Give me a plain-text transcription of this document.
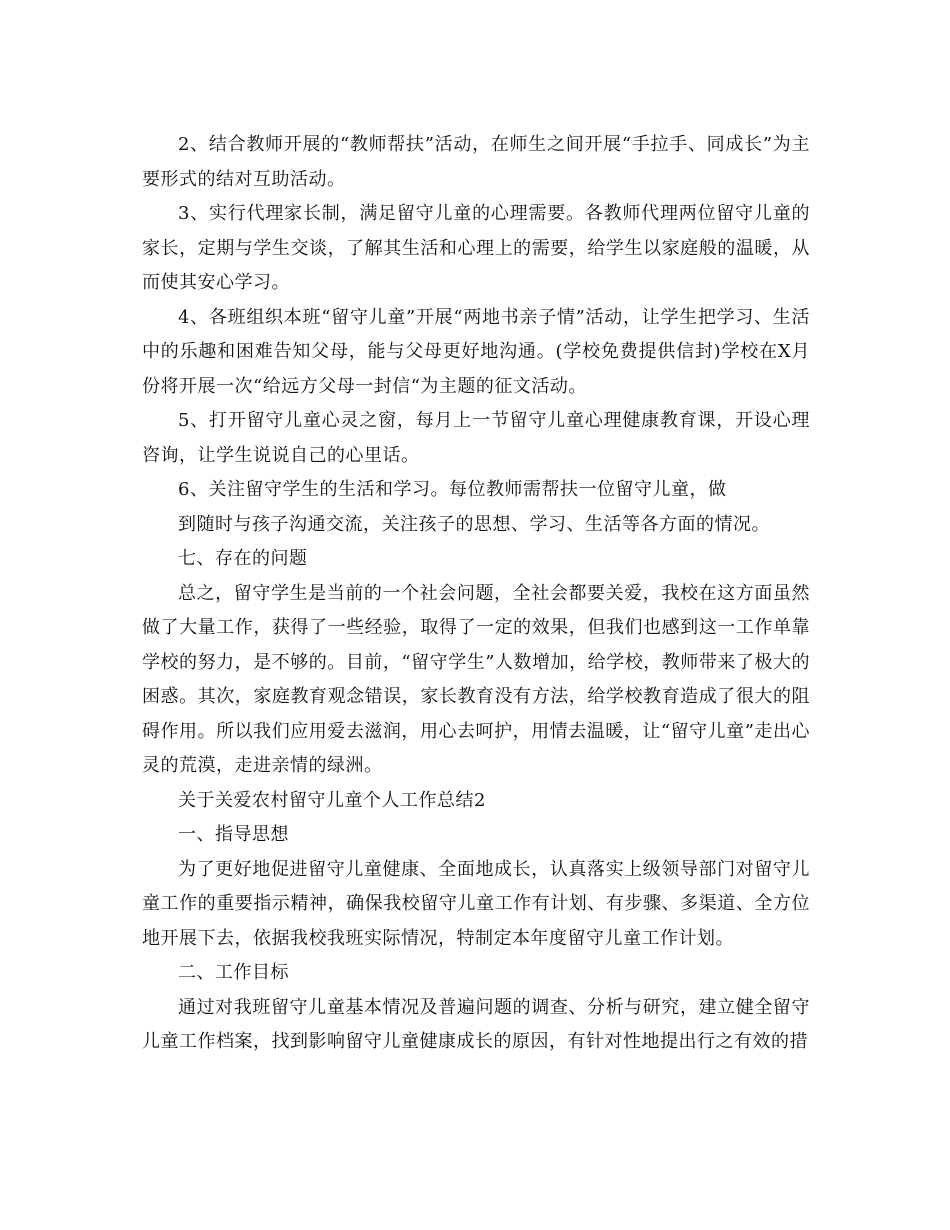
2、结合教师开展的“教师帮扶”活动，在师生之间开展“手拉手、同成长”为主要形式的结对互助活动。

3、实行代理家长制，满足留守儿童的心理需要。各教师代理两位留守儿童的家长，定期与学生交谈，了解其生活和心理上的需要，给学生以家庭般的温暖，从而使其安心学习。

4、各班组织本班“留守儿童”开展“两地书亲子情”活动，让学生把学习、生活中的乐趣和困难告知父母，能与父母更好地沟通。(学校免费提供信封)学校在X月份将开展一次“给远方父母一封信“为主题的征文活动。

5、打开留守儿童心灵之窗，每月上一节留守儿童心理健康教育课，开设心理咨询，让学生说说自己的心里话。

6、关注留守学生的生活和学习。每位教师需帮扶一位留守儿童，做

到随时与孩子沟通交流，关注孩子的思想、学习、生活等各方面的情况。

七、存在的问题

总之，留守学生是当前的一个社会问题，全社会都要关爱，我校在这方面虽然做了大量工作，获得了一些经验，取得了一定的效果，但我们也感到这一工作单靠学校的努力，是不够的。目前，“留守学生”人数增加，给学校，教师带来了极大的困惑。其次，家庭教育观念错误，家长教育没有方法，给学校教育造成了很大的阻碍作用。所以我们应用爱去滋润，用心去呵护，用情去温暖，让“留守儿童”走出心灵的荒漠，走进亲情的绿洲。

关于关爱农村留守儿童个人工作总结2

一、指导思想

为了更好地促进留守儿童健康、全面地成长，认真落实上级领导部门对留守儿童工作的重要指示精神，确保我校留守儿童工作有计划、有步骤、多渠道、全方位地开展下去，依据我校我班实际情况，特制定本年度留守儿童工作计划。

二、工作目标

通过对我班留守儿童基本情况及普遍问题的调查、分析与研究，建立健全留守儿童工作档案，找到影响留守儿童健康成长的原因，有针对性地提出行之有效的措
